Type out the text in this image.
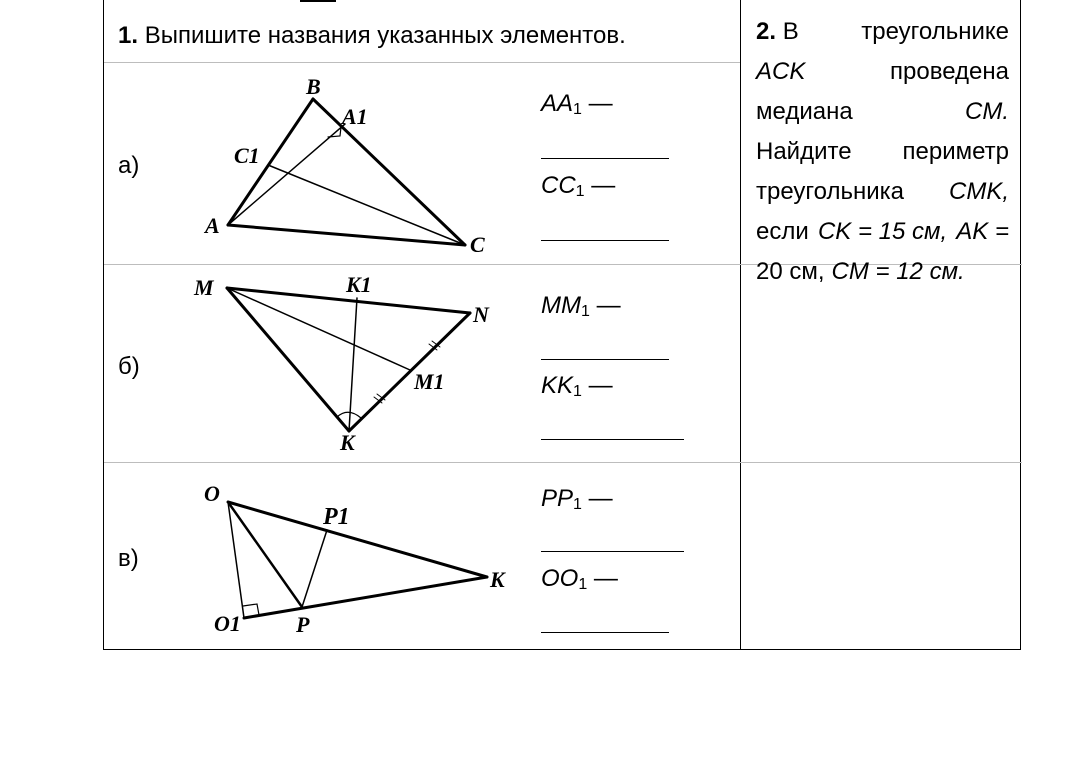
1. Выпишите названия указанных элементов.
а)
$AA_1$ —
$CC_1$ —
б)
$MM_1$ —
$KK_1$ —
в)
$PP_1$ —
$OO_1$ —
2. В	треугольнике
ACK	проведена
медиана	CM.
Найдите периметр
треугольника CMK,
если CK = 15 см, AK =
20 см, CM = 12 см.
B
A1
C1
A
C
M	K1
N
M1
K
O
P1
K
O1	P
